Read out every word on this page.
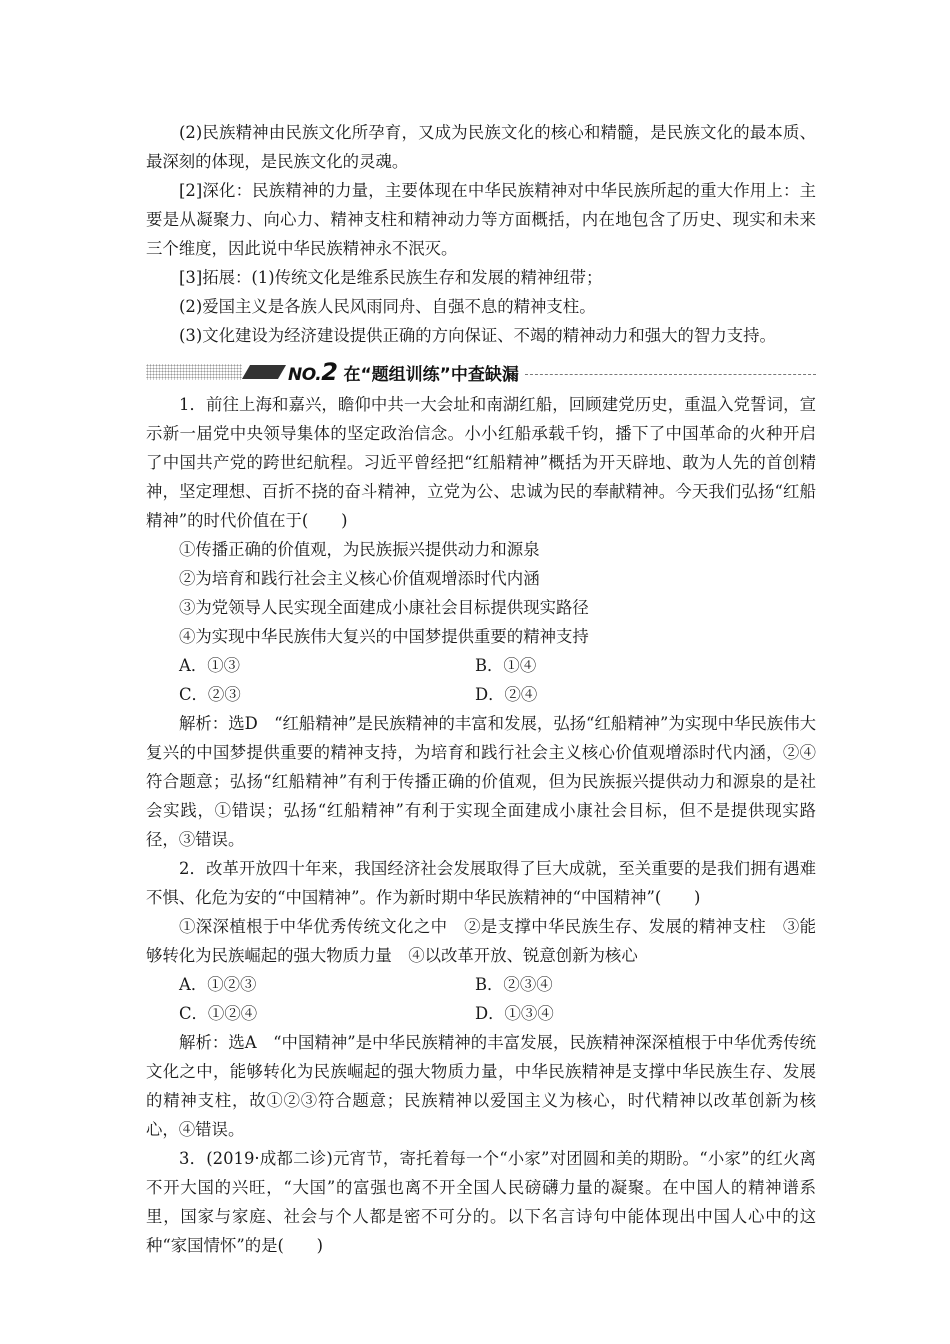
(2)民族精神由民族文化所孕育，又成为民族文化的核心和精髓，是民族文化的最本质、最深刻的体现，是民族文化的灵魂。

[2]深化：民族精神的力量，主要体现在中华民族精神对中华民族所起的重大作用上：主要是从凝聚力、向心力、精神支柱和精神动力等方面概括，内在地包含了历史、现实和未来三个维度，因此说中华民族精神永不泯灭。

[3]拓展：(1)传统文化是维系民族生存和发展的精神纽带；

(2)爱国主义是各族人民风雨同舟、自强不息的精神支柱。

(3)文化建设为经济建设提供正确的方向保证、不竭的精神动力和强大的智力支持。

NO.2 在“题组训练”中查缺漏

1．前往上海和嘉兴，瞻仰中共一大会址和南湖红船，回顾建党历史，重温入党誓词，宣示新一届党中央领导集体的坚定政治信念。小小红船承载千钧，播下了中国革命的火种开启了中国共产党的跨世纪航程。习近平曾经把“红船精神”概括为开天辟地、敢为人先的首创精神，坚定理想、百折不挠的奋斗精神，立党为公、忠诚为民的奉献精神。今天我们弘扬“红船精神”的时代价值在于(　　)

①传播正确的价值观，为民族振兴提供动力和源泉

②为培育和践行社会主义核心价值观增添时代内涵

③为党领导人民实现全面建成小康社会目标提供现实路径

④为实现中华民族伟大复兴的中国梦提供重要的精神支持

A．①③	B．①④
C．②③	D．②④

解析：选D　“红船精神”是民族精神的丰富和发展，弘扬“红船精神”为实现中华民族伟大复兴的中国梦提供重要的精神支持，为培育和践行社会主义核心价值观增添时代内涵，②④符合题意；弘扬“红船精神”有利于传播正确的价值观，但为民族振兴提供动力和源泉的是社会实践，①错误；弘扬“红船精神”有利于实现全面建成小康社会目标，但不是提供现实路径，③错误。

2．改革开放四十年来，我国经济社会发展取得了巨大成就，至关重要的是我们拥有遇难不惧、化危为安的“中国精神”。作为新时期中华民族精神的“中国精神”(　　)

①深深植根于中华优秀传统文化之中　②是支撑中华民族生存、发展的精神支柱　③能够转化为民族崛起的强大物质力量　④以改革开放、锐意创新为核心

A．①②③	B．②③④
C．①②④	D．①③④

解析：选A　“中国精神”是中华民族精神的丰富发展，民族精神深深植根于中华优秀传统文化之中，能够转化为民族崛起的强大物质力量，中华民族精神是支撑中华民族生存、发展的精神支柱，故①②③符合题意；民族精神以爱国主义为核心，时代精神以改革创新为核心，④错误。

3．(2019·成都二诊)元宵节，寄托着每一个“小家”对团圆和美的期盼。“小家”的红火离不开大国的兴旺，“大国”的富强也离不开全国人民磅礴力量的凝聚。在中国人的精神谱系里，国家与家庭、社会与个人都是密不可分的。以下名言诗句中能体现出中国人心中的这种“家国情怀”的是(　　)
